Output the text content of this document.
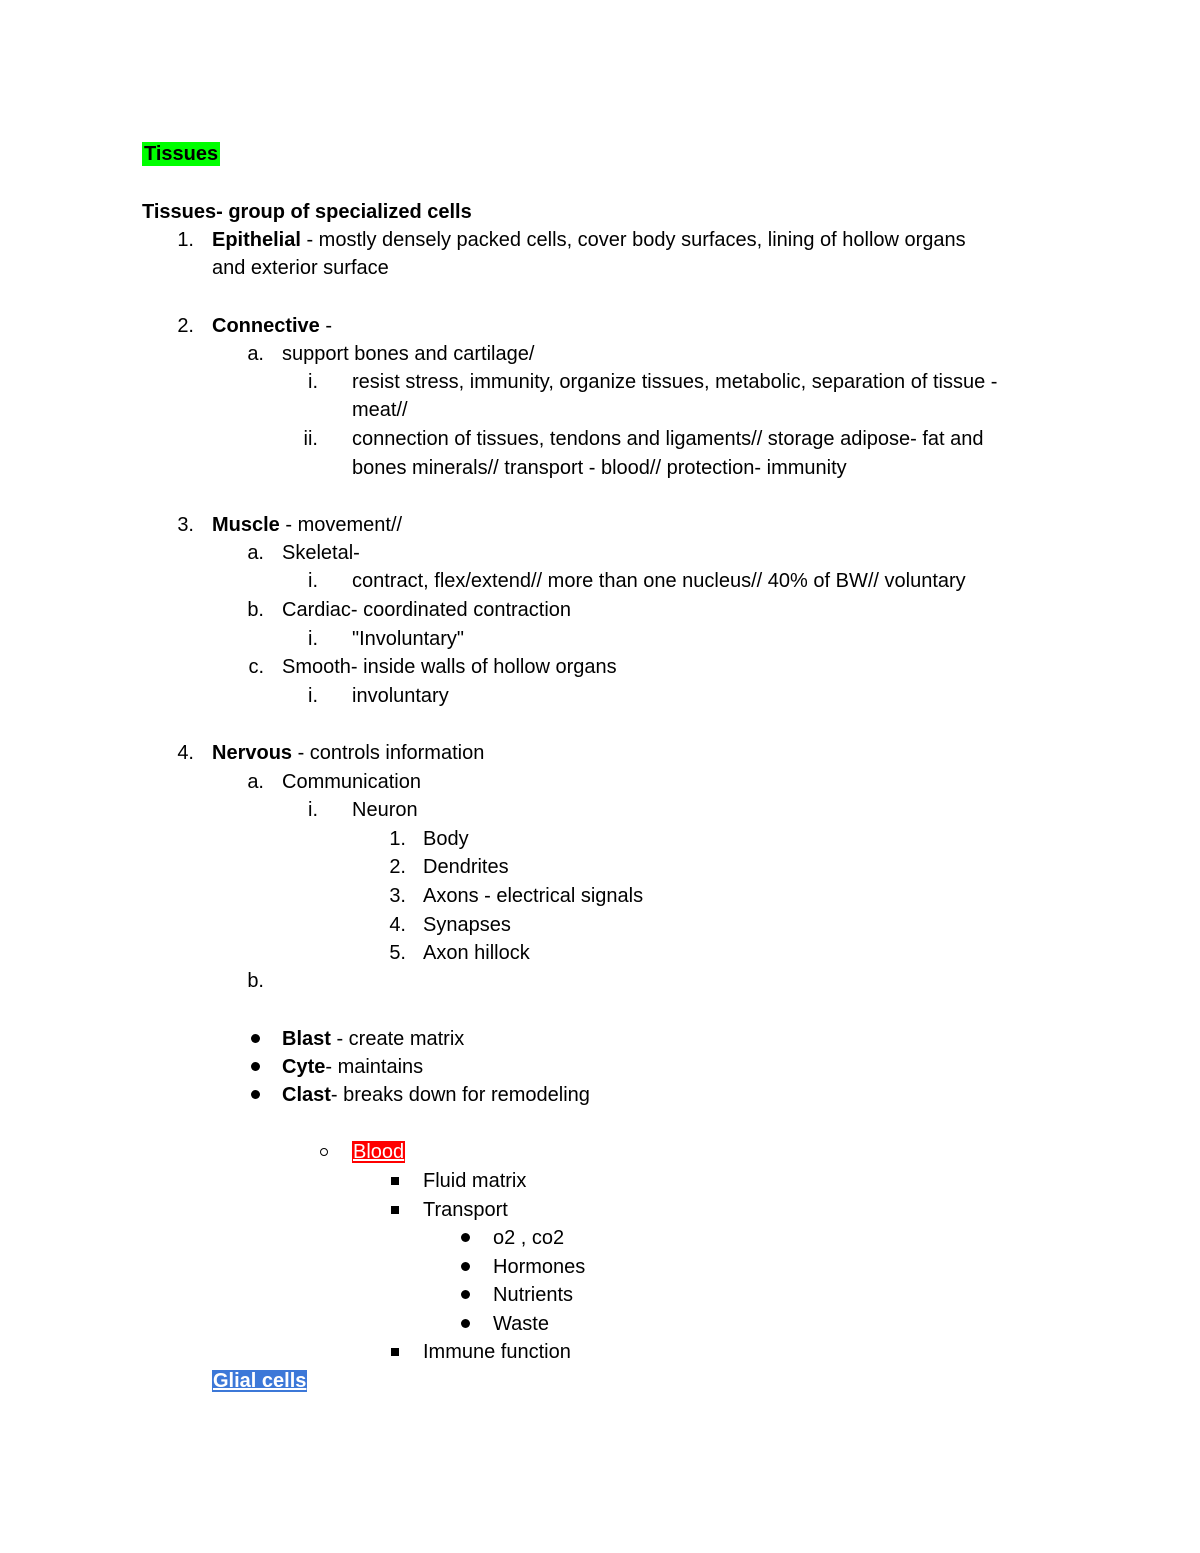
Tissues
Tissues- group of specialized cells
1. Epithelial - mostly densely packed cells, cover body surfaces, lining of hollow organs
and exterior surface
2. Connective -
a. support bones and cartilage/
i. resist stress, immunity, organize tissues, metabolic, separation of tissue -
meat//
ii. connection of tissues, tendons and ligaments// storage adipose- fat and
bones minerals// transport - blood// protection- immunity
3. Muscle - movement//
a. Skeletal-
i. contract, flex/extend// more than one nucleus// 40% of BW// voluntary
b. Cardiac- coordinated contraction
i. "Involuntary"
c. Smooth- inside walls of hollow organs
i. involuntary
4. Nervous - controls information
a. Communication
i. Neuron
1. Body
2. Dendrites
3. Axons - electrical signals
4. Synapses
5. Axon hillock
b.
Blast - create matrix
Cyte- maintains
Clast- breaks down for remodeling
Blood
Fluid matrix
Transport
o2 , co2
Hormones
Nutrients
Waste
Immune function
Glial cells
